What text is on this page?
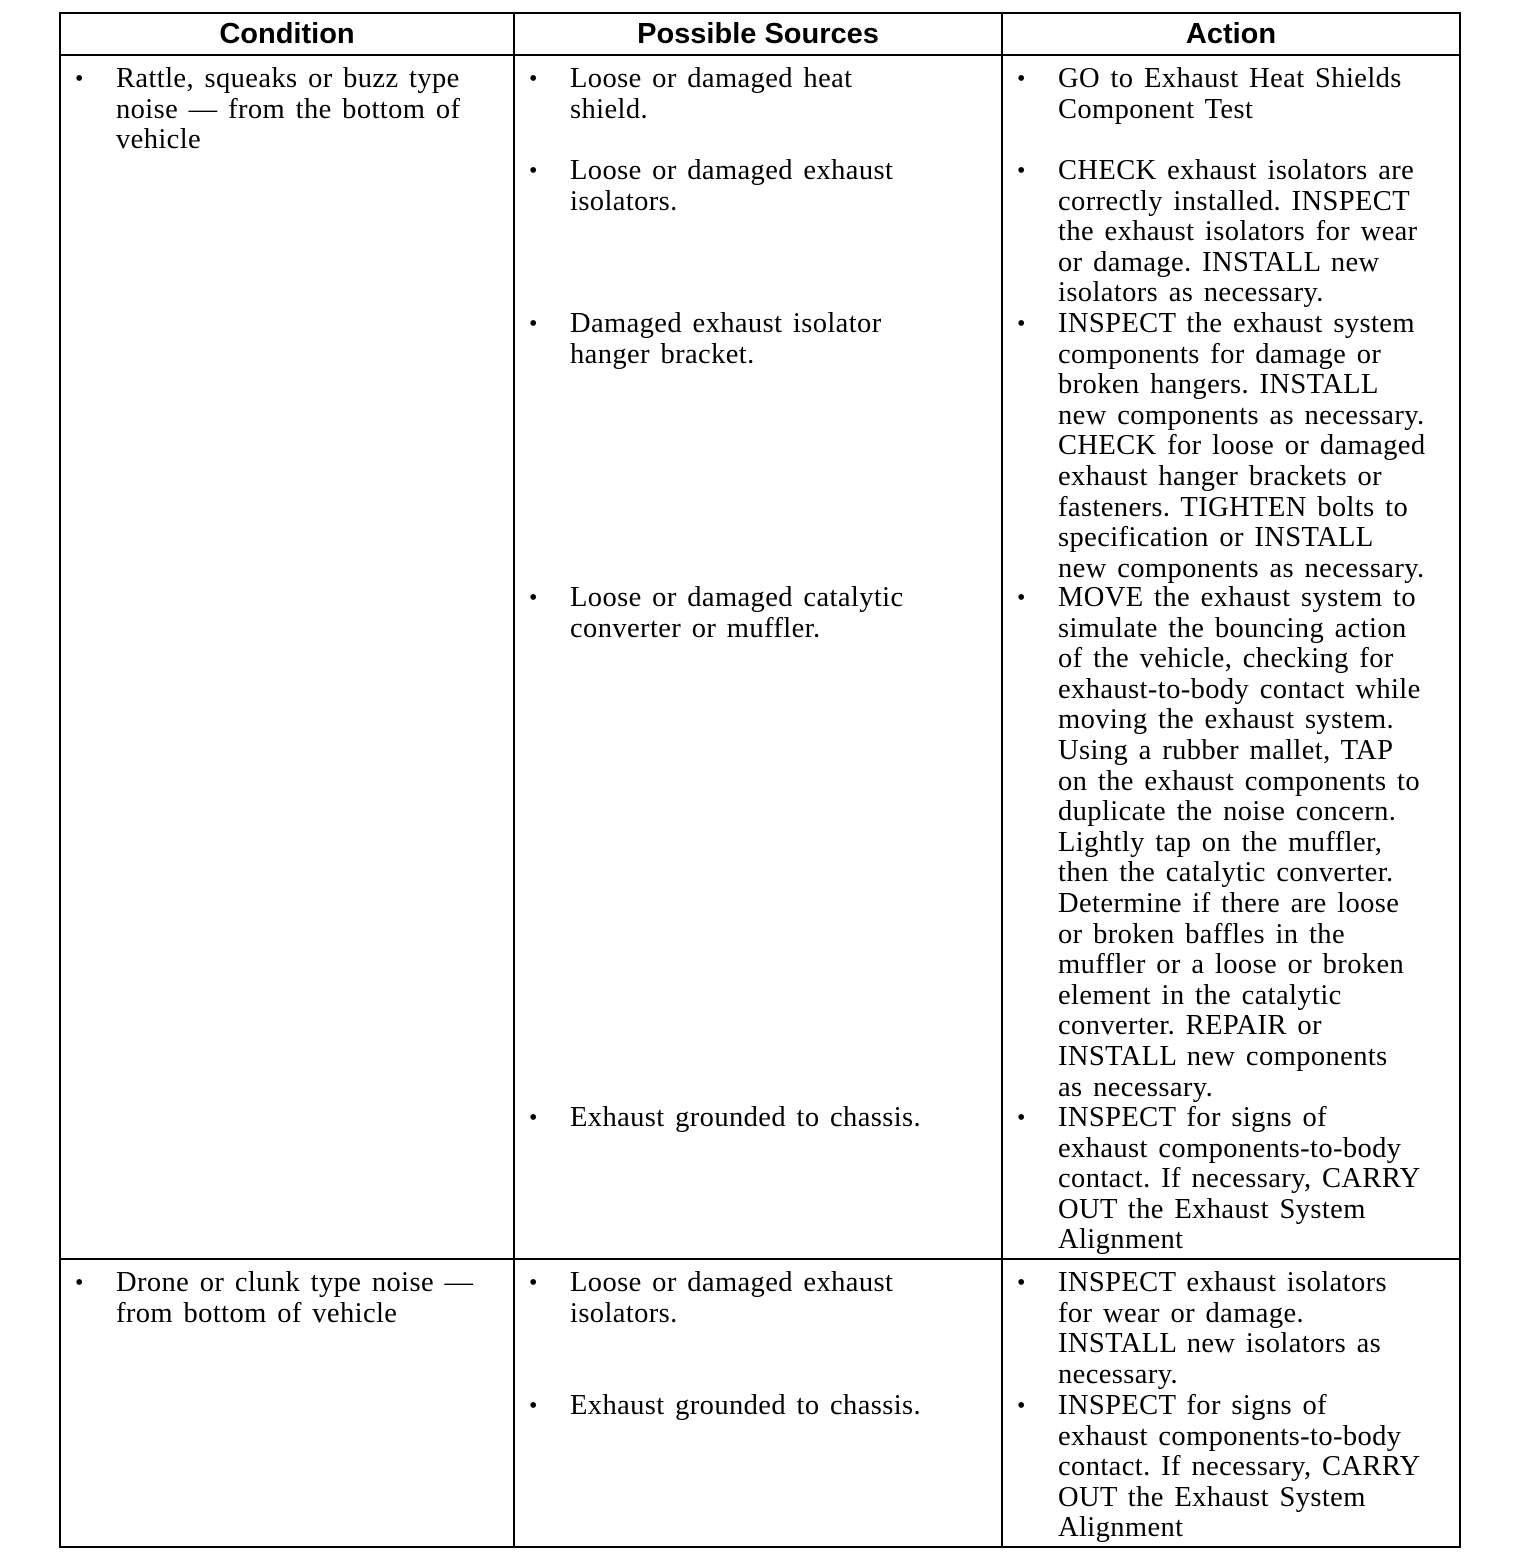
Condition	Possible Sources	Action
• Rattle, squeaks or buzz type
noise — from the bottom of
vehicle
• Loose or damaged heat
shield.
• Loose or damaged exhaust
isolators.
• Damaged exhaust isolator
hanger bracket.
• Loose or damaged catalytic
converter or muffler.
• Exhaust grounded to chassis.
• GO to Exhaust Heat Shields
Component Test
• CHECK exhaust isolators are
correctly installed. INSPECT
the exhaust isolators for wear
or damage. INSTALL new
isolators as necessary.
• INSPECT the exhaust system
components for damage or
broken hangers. INSTALL
new components as necessary.
CHECK for loose or damaged
exhaust hanger brackets or
fasteners. TIGHTEN bolts to
specification or INSTALL
new components as necessary.
• MOVE the exhaust system to
simulate the bouncing action
of the vehicle, checking for
exhaust-to-body contact while
moving the exhaust system.
Using a rubber mallet, TAP
on the exhaust components to
duplicate the noise concern.
Lightly tap on the muffler,
then the catalytic converter.
Determine if there are loose
or broken baffles in the
muffler or a loose or broken
element in the catalytic
converter. REPAIR or
INSTALL new components
as necessary.
• INSPECT for signs of
exhaust components-to-body
contact. If necessary, CARRY
OUT the Exhaust System
Alignment
• Drone or clunk type noise —
from bottom of vehicle
• Loose or damaged exhaust
isolators.
• Exhaust grounded to chassis.
• INSPECT exhaust isolators
for wear or damage.
INSTALL new isolators as
necessary.
• INSPECT for signs of
exhaust components-to-body
contact. If necessary, CARRY
OUT the Exhaust System
Alignment
